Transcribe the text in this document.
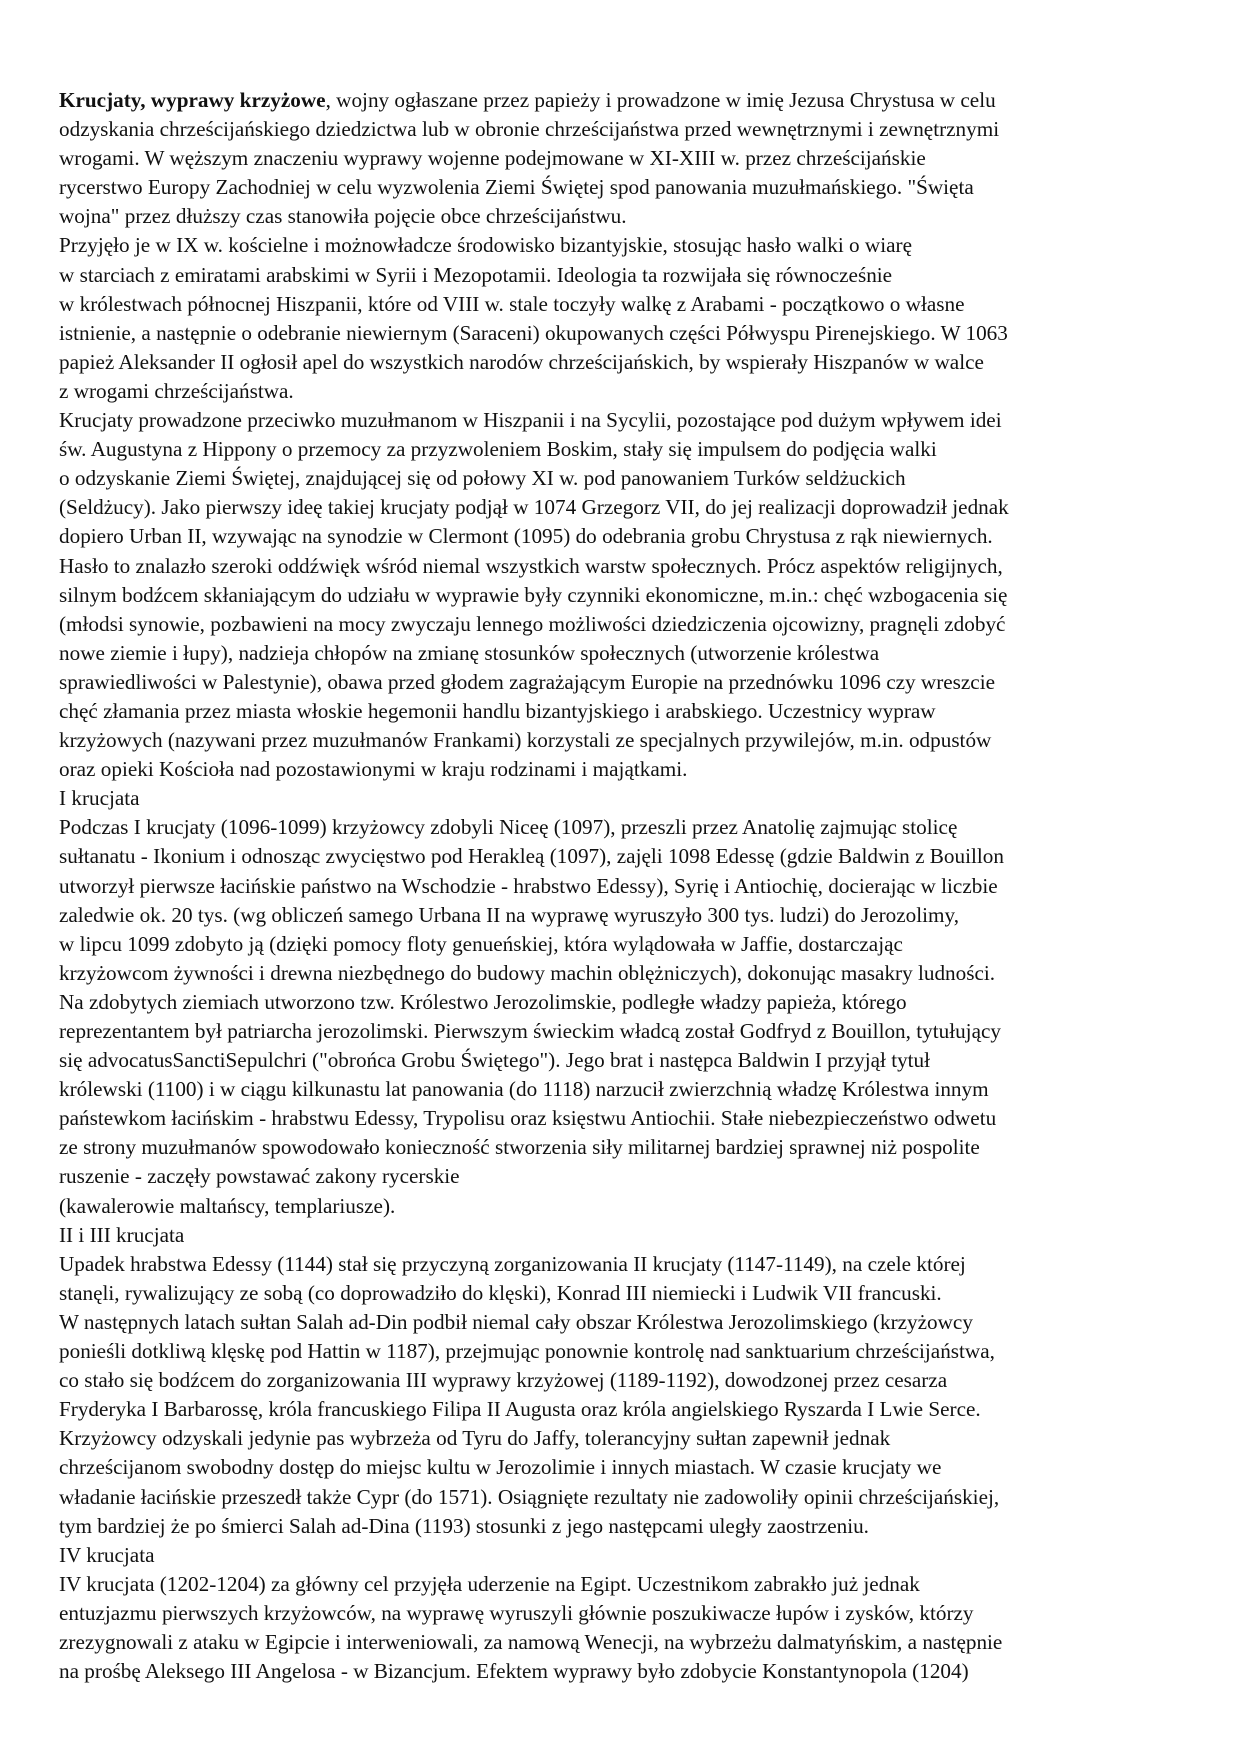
Krucjaty, wyprawy krzyżowe, wojny ogłaszane przez papieży i prowadzone w imię Jezusa Chrystusa w celu

odzyskania chrześcijańskiego dziedzictwa lub w obronie chrześcijaństwa przed wewnętrznymi i zewnętrznymi

wrogami. W węższym znaczeniu wyprawy wojenne podejmowane w XI-XIII w. przez chrześcijańskie

rycerstwo Europy Zachodniej w celu wyzwolenia Ziemi Świętej spod panowania muzułmańskiego. "Święta

wojna" przez dłuższy czas stanowiła pojęcie obce chrześcijaństwu.

Przyjęło je w IX w. kościelne i możnowładcze środowisko bizantyjskie, stosując hasło walki o wiarę

w starciach z emiratami arabskimi w Syrii i Mezopotamii. Ideologia ta rozwijała się równocześnie

w królestwach północnej Hiszpanii, które od VIII w. stale toczyły walkę z Arabami - początkowo o własne

istnienie, a następnie o odebranie niewiernym (Saraceni) okupowanych części Półwyspu Pirenejskiego. W 1063

papież Aleksander II ogłosił apel do wszystkich narodów chrześcijańskich, by wspierały Hiszpanów w walce

z wrogami chrześcijaństwa.

Krucjaty prowadzone przeciwko muzułmanom w Hiszpanii i na Sycylii, pozostające pod dużym wpływem idei

św. Augustyna z Hippony o przemocy za przyzwoleniem Boskim, stały się impulsem do podjęcia walki

o odzyskanie Ziemi Świętej, znajdującej się od połowy XI w. pod panowaniem Turków seldżuckich

(Seldżucy). Jako pierwszy ideę takiej krucjaty podjął w 1074 Grzegorz VII, do jej realizacji doprowadził jednak

dopiero Urban II, wzywając na synodzie w Clermont (1095) do odebrania grobu Chrystusa z rąk niewiernych.

Hasło to znalazło szeroki oddźwięk wśród niemal wszystkich warstw społecznych. Prócz aspektów religijnych,

silnym bodźcem skłaniającym do udziału w wyprawie były czynniki ekonomiczne, m.in.: chęć wzbogacenia się

(młodsi synowie, pozbawieni na mocy zwyczaju lennego możliwości dziedziczenia ojcowizny, pragnęli zdobyć

nowe ziemie i łupy), nadzieja chłopów na zmianę stosunków społecznych (utworzenie królestwa

sprawiedliwości w Palestynie), obawa przed głodem zagrażającym Europie na przednówku 1096 czy wreszcie

chęć złamania przez miasta włoskie hegemonii handlu bizantyjskiego i arabskiego. Uczestnicy wypraw

krzyżowych (nazywani przez muzułmanów Frankami) korzystali ze specjalnych przywilejów, m.in. odpustów

oraz opieki Kościoła nad pozostawionymi w kraju rodzinami i majątkami.

I krucjata

Podczas I krucjaty (1096-1099) krzyżowcy zdobyli Niceę (1097), przeszli przez Anatolię zajmując stolicę

sułtanatu - Ikonium i odnosząc zwycięstwo pod Herakleą (1097), zajęli 1098 Edessę (gdzie Baldwin z Bouillon

utworzył pierwsze łacińskie państwo na Wschodzie - hrabstwo Edessy), Syrię i Antiochię, docierając w liczbie

zaledwie ok. 20 tys. (wg obliczeń samego Urbana II na wyprawę wyruszyło 300 tys. ludzi) do Jerozolimy,

w lipcu 1099 zdobyto ją (dzięki pomocy floty genueńskiej, która wylądowała w Jaffie, dostarczając

krzyżowcom żywności i drewna niezbędnego do budowy machin oblężniczych), dokonując masakry ludności.

Na zdobytych ziemiach utworzono tzw. Królestwo Jerozolimskie, podległe władzy papieża, którego

reprezentantem był patriarcha jerozolimski. Pierwszym świeckim władcą został Godfryd z Bouillon, tytułujący

się advocatusSanctiSepulchri ("obrońca Grobu Świętego"). Jego brat i następca Baldwin I przyjął tytuł

królewski (1100) i w ciągu kilkunastu lat panowania (do 1118) narzucił zwierzchnią władzę Królestwa innym

państewkom łacińskim - hrabstwu Edessy, Trypolisu oraz księstwu Antiochii. Stałe niebezpieczeństwo odwetu

ze strony muzułmanów spowodowało konieczność stworzenia siły militarnej bardziej sprawnej niż pospolite

ruszenie - zaczęły powstawać zakony rycerskie

(kawalerowie maltańscy, templariusze).

II i III krucjata

Upadek hrabstwa Edessy (1144) stał się przyczyną zorganizowania II krucjaty (1147-1149), na czele której

stanęli, rywalizujący ze sobą (co doprowadziło do klęski), Konrad III niemiecki i Ludwik VII francuski.

W następnych latach sułtan Salah ad-Din podbił niemal cały obszar Królestwa Jerozolimskiego (krzyżowcy

ponieśli dotkliwą klęskę pod Hattin w 1187), przejmując ponownie kontrolę nad sanktuarium chrześcijaństwa,

co stało się bodźcem do zorganizowania III wyprawy krzyżowej (1189-1192), dowodzonej przez cesarza

Fryderyka I Barbarossę, króla francuskiego Filipa II Augusta oraz króla angielskiego Ryszarda I Lwie Serce.

Krzyżowcy odzyskali jedynie pas wybrzeża od Tyru do Jaffy, tolerancyjny sułtan zapewnił jednak

chrześcijanom swobodny dostęp do miejsc kultu w Jerozolimie i innych miastach. W czasie krucjaty we

władanie łacińskie przeszedł także Cypr (do 1571). Osiągnięte rezultaty nie zadowoliły opinii chrześcijańskiej,

tym bardziej że po śmierci Salah ad-Dina (1193) stosunki z jego następcami uległy zaostrzeniu.

IV krucjata

IV krucjata (1202-1204) za główny cel przyjęła uderzenie na Egipt. Uczestnikom zabrakło już jednak

entuzjazmu pierwszych krzyżowców, na wyprawę wyruszyli głównie poszukiwacze łupów i zysków, którzy

zrezygnowali z ataku w Egipcie i interweniowali, za namową Wenecji, na wybrzeżu dalmatyńskim, a następnie

na prośbę Aleksego III Angelosa - w Bizancjum. Efektem wyprawy było zdobycie Konstantynopola (1204)
